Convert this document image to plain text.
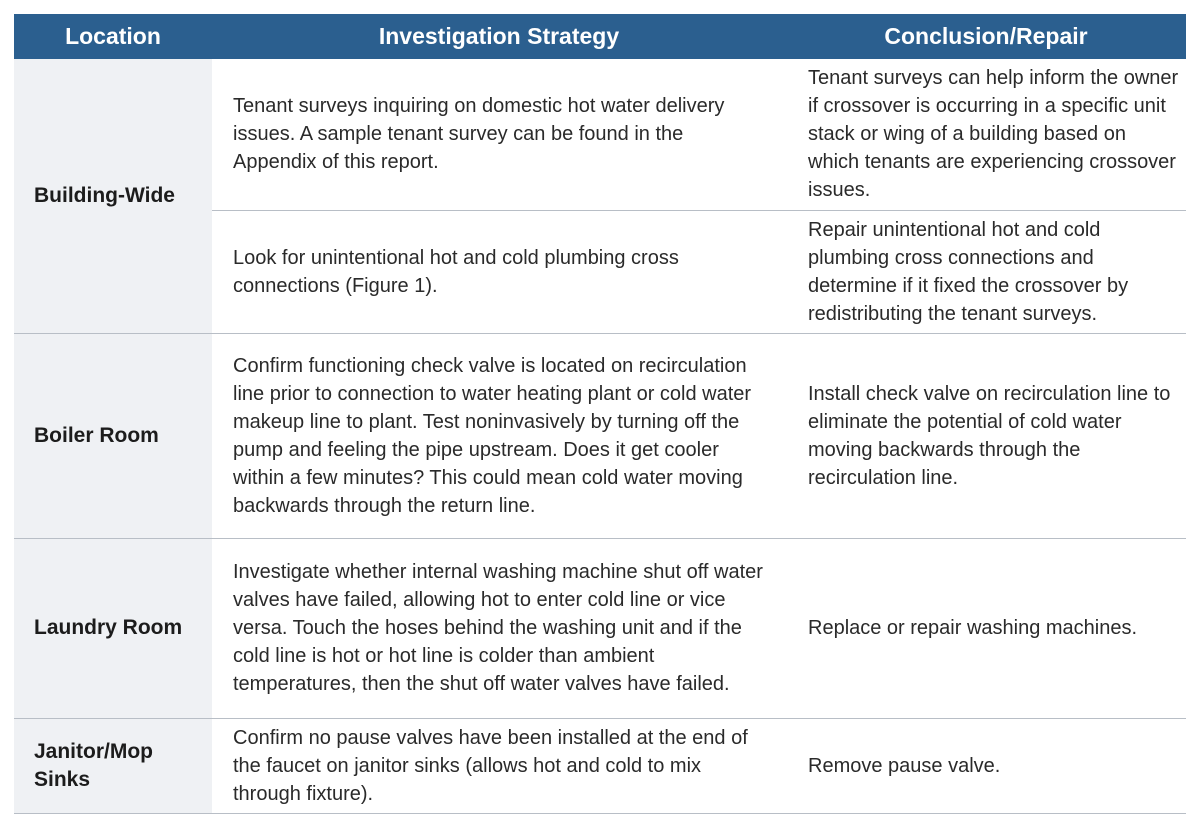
Location	Investigation Strategy	Conclusion/Repair
Building-Wide	Tenant surveys inquiring on domestic hot water delivery issues. A sample tenant survey can be found in the Appendix of this report.	Tenant surveys can help inform the owner if crossover is occurring in a specific unit stack or wing of a building based on which tenants are experiencing crossover issues.
	Look for unintentional hot and cold plumbing cross connections (Figure 1).	Repair unintentional hot and cold plumbing cross connections and determine if it fixed the crossover by redistributing the tenant surveys.
Boiler Room	Confirm functioning check valve is located on recirculation line prior to connection to water heating plant or cold water makeup line to plant. Test noninvasively by turning off the pump and feeling the pipe upstream. Does it get cooler within a few minutes? This could mean cold water moving backwards through the return line.	Install check valve on recirculation line to eliminate the potential of cold water moving backwards through the recirculation line.
Laundry Room	Investigate whether internal washing machine shut off water valves have failed, allowing hot to enter cold line or vice versa. Touch the hoses behind the washing unit and if the cold line is hot or hot line is colder than ambient temperatures, then the shut off water valves have failed.	Replace or repair washing machines.
Janitor/Mop Sinks	Confirm no pause valves have been installed at the end of the faucet on janitor sinks (allows hot and cold to mix through fixture).	Remove pause valve.
